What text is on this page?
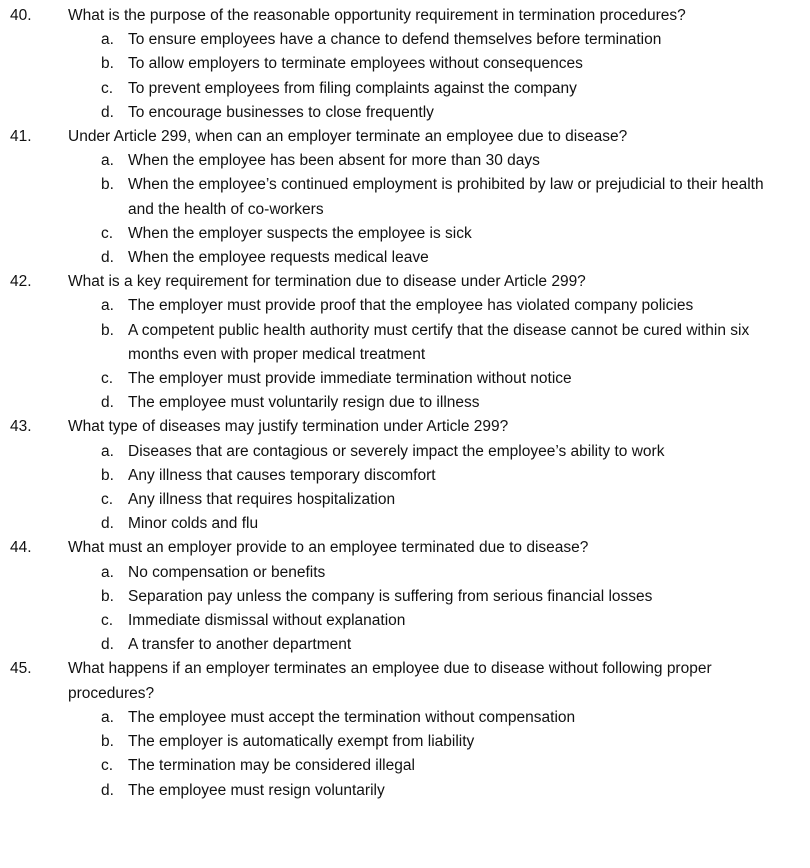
40.	What is the purpose of the reasonable opportunity requirement in termination procedures?
a. To ensure employees have a chance to defend themselves before termination
b. To allow employers to terminate employees without consequences
c. To prevent employees from filing complaints against the company
d. To encourage businesses to close frequently
41.	Under Article 299, when can an employer terminate an employee due to disease?
a. When the employee has been absent for more than 30 days
b. When the employee’s continued employment is prohibited by law or prejudicial to their health and the health of co-workers
c. When the employer suspects the employee is sick
d. When the employee requests medical leave
42.	What is a key requirement for termination due to disease under Article 299?
a. The employer must provide proof that the employee has violated company policies
b. A competent public health authority must certify that the disease cannot be cured within six months even with proper medical treatment
c. The employer must provide immediate termination without notice
d. The employee must voluntarily resign due to illness
43.	What type of diseases may justify termination under Article 299?
a. Diseases that are contagious or severely impact the employee’s ability to work
b. Any illness that causes temporary discomfort
c. Any illness that requires hospitalization
d. Minor colds and flu
44.	What must an employer provide to an employee terminated due to disease?
a. No compensation or benefits
b. Separation pay unless the company is suffering from serious financial losses
c. Immediate dismissal without explanation
d. A transfer to another department
45.	What happens if an employer terminates an employee due to disease without following proper procedures?
a. The employee must accept the termination without compensation
b. The employer is automatically exempt from liability
c. The termination may be considered illegal
d. The employee must resign voluntarily
